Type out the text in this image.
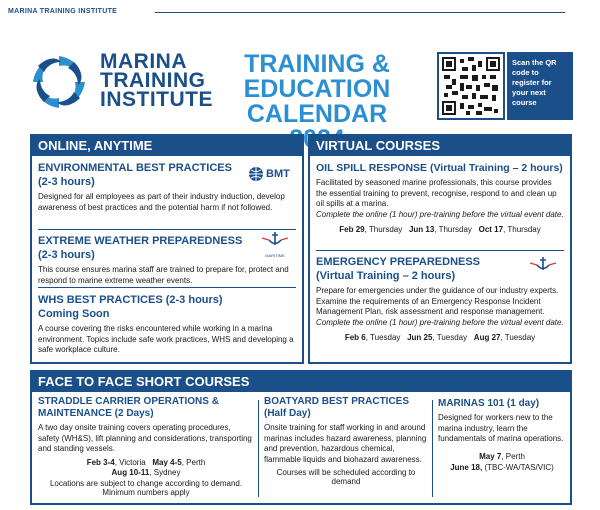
MARINA TRAINING INSTITUTE
MARINA
TRAINING
INSTITUTE
TRAINING &
EDUCATION
CALENDAR
Scan the QR code to register for your next course
ONLINE, ANYTIME
ENVIRONMENTAL BEST PRACTICES
(2-3 hours)

Designed for all employees as part of their industry induction, develop awareness of best practices and the potential harm if not followed.

BMT
EXTREME WEATHER PREPAREDNESS
(2-3 hours)

This course ensures marina staff are trained to prepare for, protect and respond to marine extreme weather events.

MARITIME
WHS BEST PRACTICES (2-3 hours)
Coming Soon

A course covering the risks encountered while working in a marina environment. Topics include safe work practices, WHS and developing a safe workplace culture.

VIRTUAL COURSES
OIL SPILL RESPONSE (Virtual Training – 2 hours)

Facilitated by seasoned marine professionals, this course provides the essential training to prevent, recognise, respond to and clean up oil spills at a marina.

Complete the online (1 hour) pre-training before the virtual event date.

Feb 29, Thursday Jun 13, Thursday Oct 17, Thursday
EMERGENCY PREPAREDNESS
(Virtual Training – 2 hours)

Prepare for emergencies under the guidance of our industry experts. Examine the requirements of an Emergency Response Incident Management Plan, risk assessment and response management.

Complete the online (1 hour) pre-training before the virtual event date.

Feb 6, Tuesday Jun 25, Tuesday Aug 27, Tuesday
FACE TO FACE SHORT COURSES
STRADDLE CARRIER OPERATIONS &
MAINTENANCE (2 Days)

A two day onsite training covers operating procedures, safety (WH&S), lift planning and considerations, transporting and standing vessels.

Feb 3-4, Victoria May 4-5, Perth
Aug 10-11, Sydney

Locations are subject to change according to demand. Minimum numbers apply

BOATYARD BEST PRACTICES
(Half Day)

Onsite training for staff working in and around marinas includes hazard awareness, planning and prevention, hazardous chemical, flammable liquids and biohazard awareness.

Courses will be scheduled according to demand

MARINAS 101 (1 day)

Designed for workers new to the marina industry, learn the fundamentals of marina operations.

May 7, Perth
June 18, (TBC-WA/TAS/VIC)
